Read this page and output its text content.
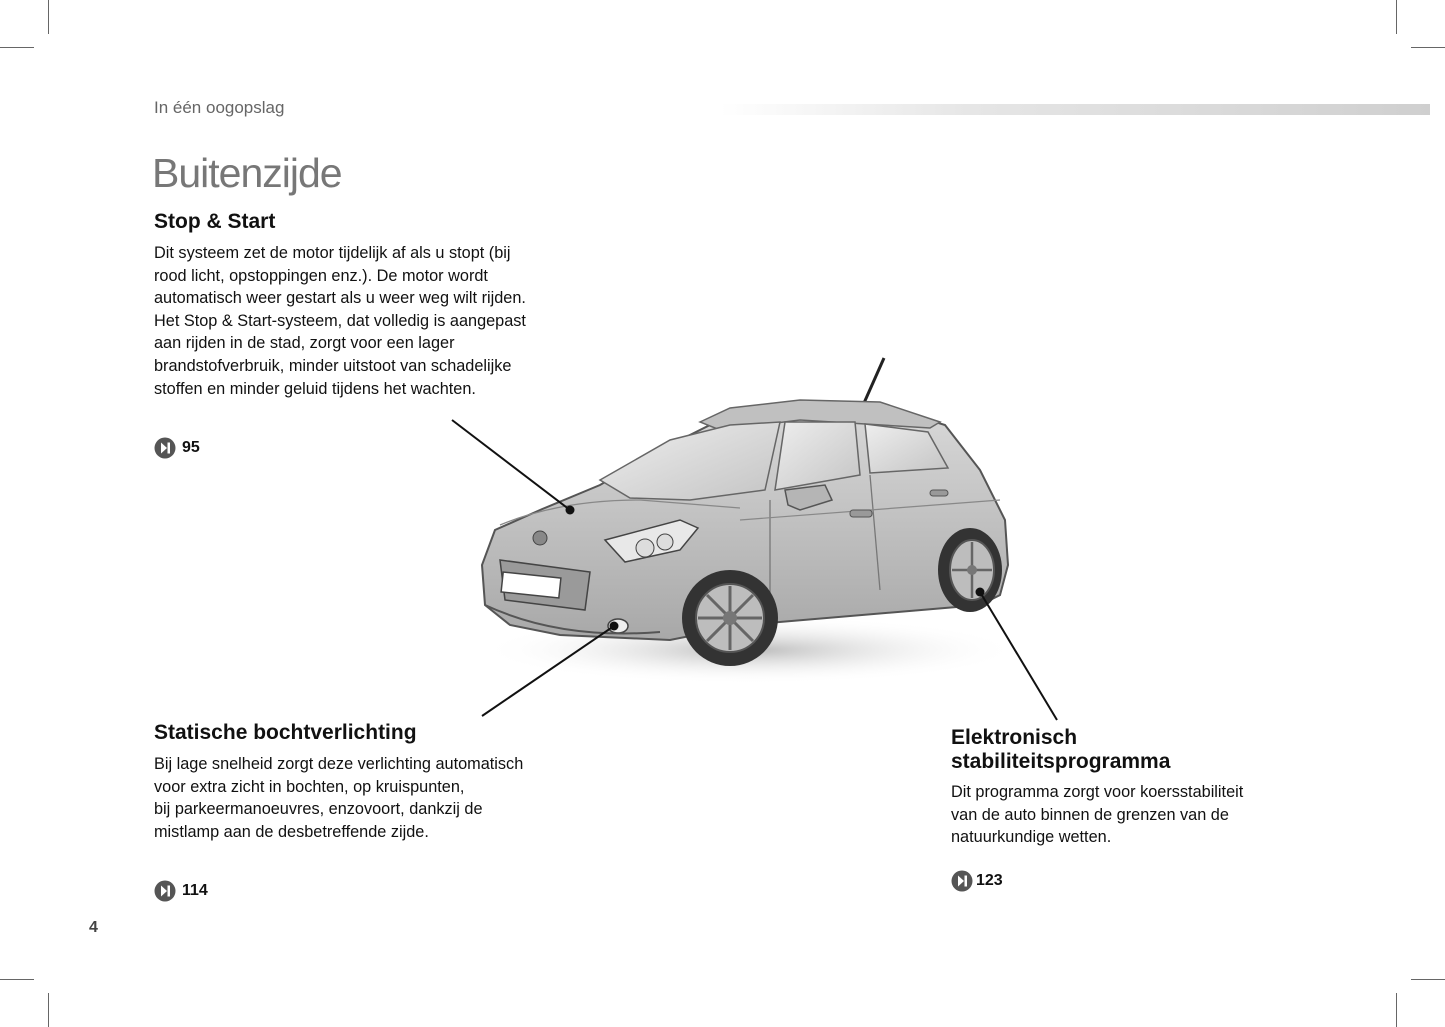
In één oogopslag
Buitenzijde
Stop & Start
Dit systeem zet de motor tijdelijk af als u stopt (bij
rood licht, opstoppingen enz.). De motor wordt
automatisch weer gestart als u weer weg wilt rijden.
Het Stop & Start-systeem, dat volledig is aangepast
aan rijden in de stad, zorgt voor een lager
brandstofverbruik, minder uitstoot van schadelijke
stoffen en minder geluid tijdens het wachten.
95
Statische bochtverlichting
Bij lage snelheid zorgt deze verlichting automatisch
voor extra zicht in bochten, op kruispunten,
bij parkeermanoeuvres, enzovoort, dankzij de
mistlamp aan de desbetreffende zijde.
114
Elektronisch
stabiliteitsprogramma
Dit programma zorgt voor koersstabiliteit
van de auto binnen de grenzen van de
natuurkundige wetten.
123
4
